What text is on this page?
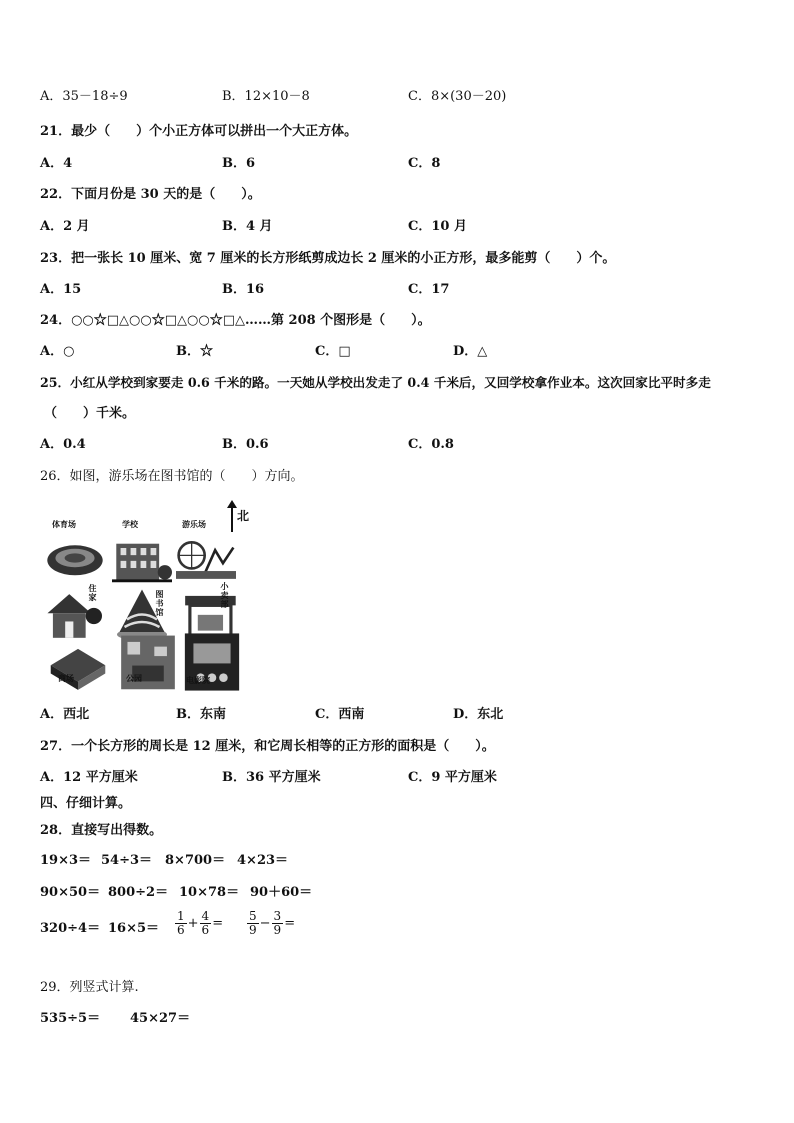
A．35－18÷9	B．12×10－8	C．8×(30－20)
21．最少（　　）个小正方体可以拼出一个大正方体。
A．4	B．6	C．8
22．下面月份是 30 天的是（　　）。
A．2 月	B．4 月	C．10 月
23．把一张长 10 厘米、宽 7 厘米的长方形纸剪成边长 2 厘米的小正方形，最多能剪（　　）个。
A．15	B．16	C．17
24．○○☆□△○○☆□△○○☆□△……第 208 个图形是（　　）。
A．○	B．☆	C．□	D．△
25．小红从学校到家要走 0.6 千米的路。一天她从学校出发走了 0.4 千米后，又回学校拿作业本。这次回家比平时多走
（　　）千米。
A．0.4	B．0.6	C．0.8
26．如图，游乐场在图书馆的（　　）方向。
北
体育场	学校	游乐场
住家	图书馆
小卖部
商场	公园	电影院
A．西北	B．东南	C．西南	D．东北
27．一个长方形的周长是 12 厘米，和它周长相等的正方形的面积是（　　）。
A．12 平方厘米	B．36 平方厘米	C．9 平方厘米
四、仔细计算。
28．直接写出得数。
19×3＝ 54÷3＝ 8×700＝ 4×23＝
90×50＝ 800÷2＝ 10×78＝ 90＋60＝
$320\div 4= 16\times 5= \frac{1}{6} + \frac{4}{6} = \frac{5}{9} - \frac{3}{9}$ =
29．列竖式计算.
535÷5＝ 45×27＝
